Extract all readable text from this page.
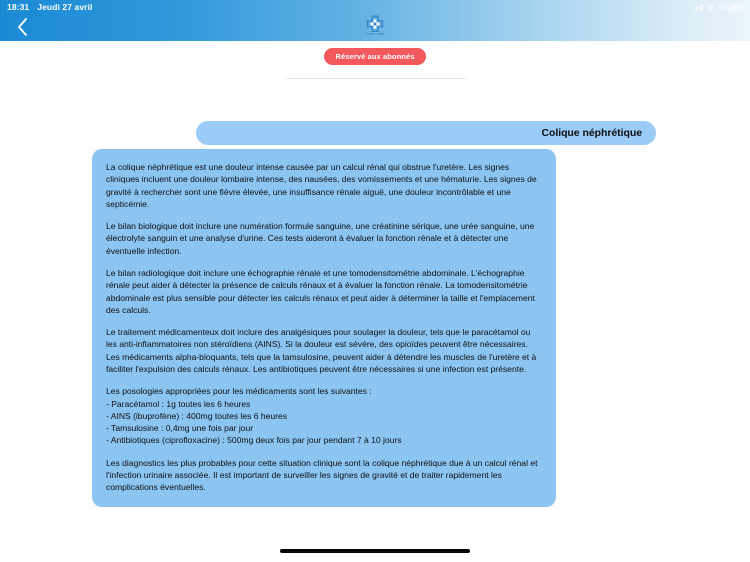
18:31 Jeudi 27 avril	53
CLINIC - MED
Réservé aux abonnés
Colique néphrétique

La colique néphrétique est une douleur intense causée par un calcul rénal qui obstrue l'uretère. Les signes cliniques incluent une douleur lombaire intense, des nausées, des vomissements et une hématurie. Les signes de gravité à rechercher sont une fièvre élevée, une insuffisance rénale aiguë, une douleur incontrôlable et une septicémie.

Le bilan biologique doit inclure une numération formule sanguine, une créatinine sérique, une urée sanguine, une électrolyte sanguin et une analyse d'urine. Ces tests aideront à évaluer la fonction rénale et à détecter une éventuelle infection.

Le bilan radiologique doit inclure une échographie rénale et une tomodensitométrie abdominale. L'échographie rénale peut aider à détecter la présence de calculs rénaux et à évaluer la fonction rénale. La tomodensitométrie abdominale est plus sensible pour détecter les calculs rénaux et peut aider à déterminer la taille et l'emplacement des calculs.

Le traitement médicamenteux doit inclure des analgésiques pour soulager la douleur, tels que le paracétamol ou les anti-inflammatoires non stéroïdiens (AINS). Si la douleur est sévère, des opioïdes peuvent être nécessaires. Les médicaments alpha-bloquants, tels que la tamsulosine, peuvent aider à détendre les muscles de l'uretère et à faciliter l'expulsion des calculs rénaux. Les antibiotiques peuvent être nécessaires si une infection est présente.

Les posologies appropriées pour les médicaments sont les suivantes :

- Paracétamol : 1g toutes les 6 heures

- AINS (ibuprofène) : 400mg toutes les 6 heures

- Tamsulosine : 0,4mg une fois par jour

- Antibiotiques (ciprofloxacine) : 500mg deux fois par jour pendant 7 à 10 jours

Les diagnostics les plus probables pour cette situation clinique sont la colique néphrétique due à un calcul rénal et l'infection urinaire associée. Il est important de surveiller les signes de gravité et de traiter rapidement les complications éventuelles.
